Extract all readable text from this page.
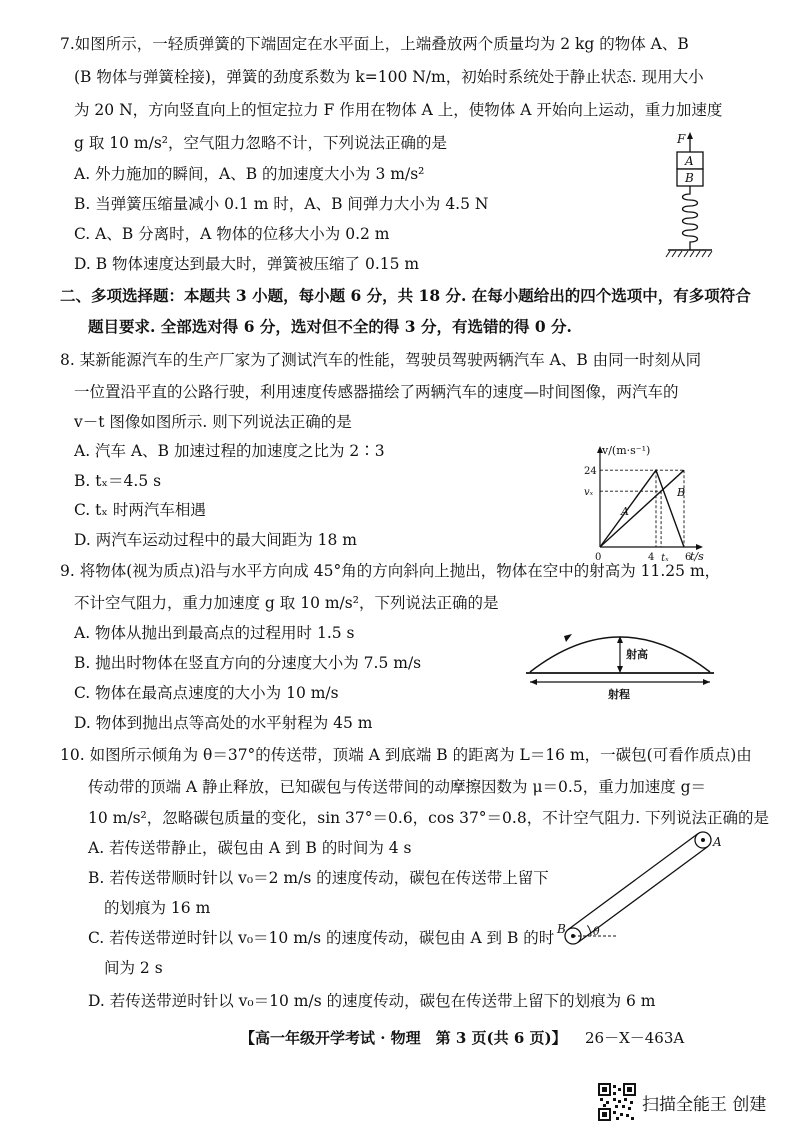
7.如图所示，一轻质弹簧的下端固定在水平面上，上端叠放两个质量均为 2 kg 的物体 A、B
(B 物体与弹簧栓接)，弹簧的劲度系数为 k=100 N/m，初始时系统处于静止状态. 现用大小
为 20 N，方向竖直向上的恒定拉力 F 作用在物体 A 上，使物体 A 开始向上运动，重力加速度
g 取 10 m/s²，空气阻力忽略不计，下列说法正确的是
A. 外力施加的瞬间，A、B 的加速度大小为 3 m/s²
B. 当弹簧压缩量减小 0.1 m 时，A、B 间弹力大小为 4.5 N
C. A、B 分离时，A 物体的位移大小为 0.2 m
D. B 物体速度达到最大时，弹簧被压缩了 0.15 m
F
A
B
二、多项选择题：本题共 3 小题，每小题 6 分，共 18 分. 在每小题给出的四个选项中，有多项符合
题目要求. 全部选对得 6 分，选对但不全的得 3 分，有选错的得 0 分.
8. 某新能源汽车的生产厂家为了测试汽车的性能，驾驶员驾驶两辆汽车 A、B 由同一时刻从同
一位置沿平直的公路行驶，利用速度传感器描绘了两辆汽车的速度—时间图像，两汽车的
v－t 图像如图所示. 则下列说法正确的是
A. 汽车 A、B 加速过程的加速度之比为 2∶3
B. tₓ＝4.5 s
C. tₓ 时两汽车相遇
D. 两汽车运动过程中的最大间距为 18 m
A
B
v/(m·s⁻¹)
t/s
0	4 tₓ 6
24
vₓ
9. 将物体(视为质点)沿与水平方向成 45°角的方向斜向上抛出，物体在空中的射高为 11.25 m，
不计空气阻力，重力加速度 g 取 10 m/s²，下列说法正确的是
A. 物体从抛出到最高点的过程用时 1.5 s
B. 抛出时物体在竖直方向的分速度大小为 7.5 m/s
C. 物体在最高点速度的大小为 10 m/s
D. 物体到抛出点等高处的水平射程为 45 m
射高
射程
10. 如图所示倾角为 θ＝37°的传送带，顶端 A 到底端 B 的距离为 L＝16 m，一碳包(可看作质点)由
传动带的顶端 A 静止释放，已知碳包与传送带间的动摩擦因数为 μ＝0.5，重力加速度 g＝
10 m/s²，忽略碳包质量的变化，sin 37°＝0.6，cos 37°＝0.8，不计空气阻力. 下列说法正确的是
A. 若传送带静止，碳包由 A 到 B 的时间为 4 s
B. 若传送带顺时针以 v₀＝2 m/s 的速度传动，碳包在传送带上留下
的划痕为 16 m
C. 若传送带逆时针以 v₀＝10 m/s 的速度传动，碳包由 A 到 B 的时
间为 2 s
D. 若传送带逆时针以 v₀＝10 m/s 的速度传动，碳包在传送带上留下的划痕为 6 m
A
B θ
【高一年级开学考试 · 物理　第 3 页(共 6 页)】 26－X－463A
扫描全能王 创建
